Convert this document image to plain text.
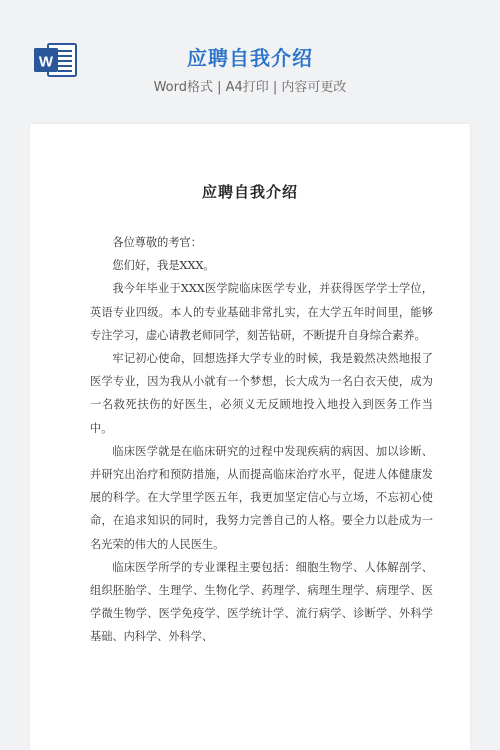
W	应聘自我介绍
Word格式 | A4打印 | 内容可更改
应聘自我介绍

各位尊敬的考官：

您们好，我是XXX。

我今年毕业于XXX医学院临床医学专业，并获得医学学士学位，英语专业四级。本人的专业基础非常扎实，在大学五年时间里，能够专注学习，虚心请教老师同学，刻苦钻研，不断提升自身综合素养。

牢记初心使命，回想选择大学专业的时候，我是毅然决然地报了医学专业，因为我从小就有一个梦想，长大成为一名白衣天使，成为一名救死扶伤的好医生，必须义无反顾地投入地投入到医务工作当中。

临床医学就是在临床研究的过程中发现疾病的病因、加以诊断、并研究出治疗和预防措施，从而提高临床治疗水平，促进人体健康发展的科学。在大学里学医五年，我更加坚定信心与立场，不忘初心使命，在追求知识的同时，我努力完善自己的人格。要全力以赴成为一名光荣的伟大的人民医生。

临床医学所学的专业课程主要包括：细胞生物学、人体解剖学、组织胚胎学、生理学、生物化学、药理学、病理生理学、病理学、医学微生物学、医学免疫学、医学统计学、流行病学、诊断学、外科学基础、内科学、外科学、
